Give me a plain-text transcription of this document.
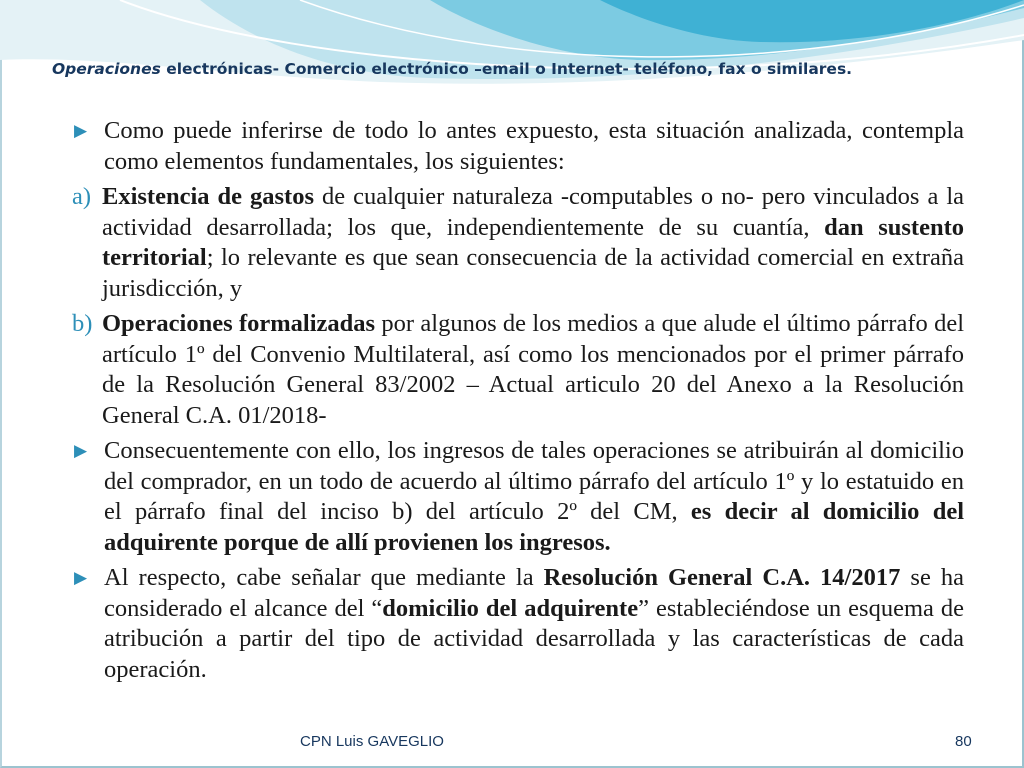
Operaciones electrónicas- Comercio electrónico –email o Internet- teléfono, fax o similares.
▶ Como puede inferirse de todo lo antes expuesto, esta situación analizada, contempla como elementos fundamentales, los siguientes:
a) Existencia de gastos de cualquier naturaleza -computables o no- pero vinculados a la actividad desarrollada; los que, independientemente de su cuantía, dan sustento territorial; lo relevante es que sean consecuencia de la actividad comercial en extraña jurisdicción, y
b) Operaciones formalizadas por algunos de los medios a que alude el último párrafo del artículo 1º del Convenio Multilateral, así como los mencionados por el primer párrafo de la Resolución General 83/2002 – Actual articulo 20 del Anexo a la Resolución General C.A. 01/2018-
▶ Consecuentemente con ello, los ingresos de tales operaciones se atribuirán al domicilio del comprador, en un todo de acuerdo al último párrafo del artículo 1º y lo estatuido en el párrafo final del inciso b) del artículo 2º del CM, es decir al domicilio del adquirente porque de allí provienen los ingresos.
▶ Al respecto, cabe señalar que mediante la Resolución General C.A. 14/2017 se ha considerado el alcance del “domicilio del adquirente” estableciéndose un esquema de atribución a partir del tipo de actividad desarrollada y las características de cada operación.
CPN Luis GAVEGLIO	80
